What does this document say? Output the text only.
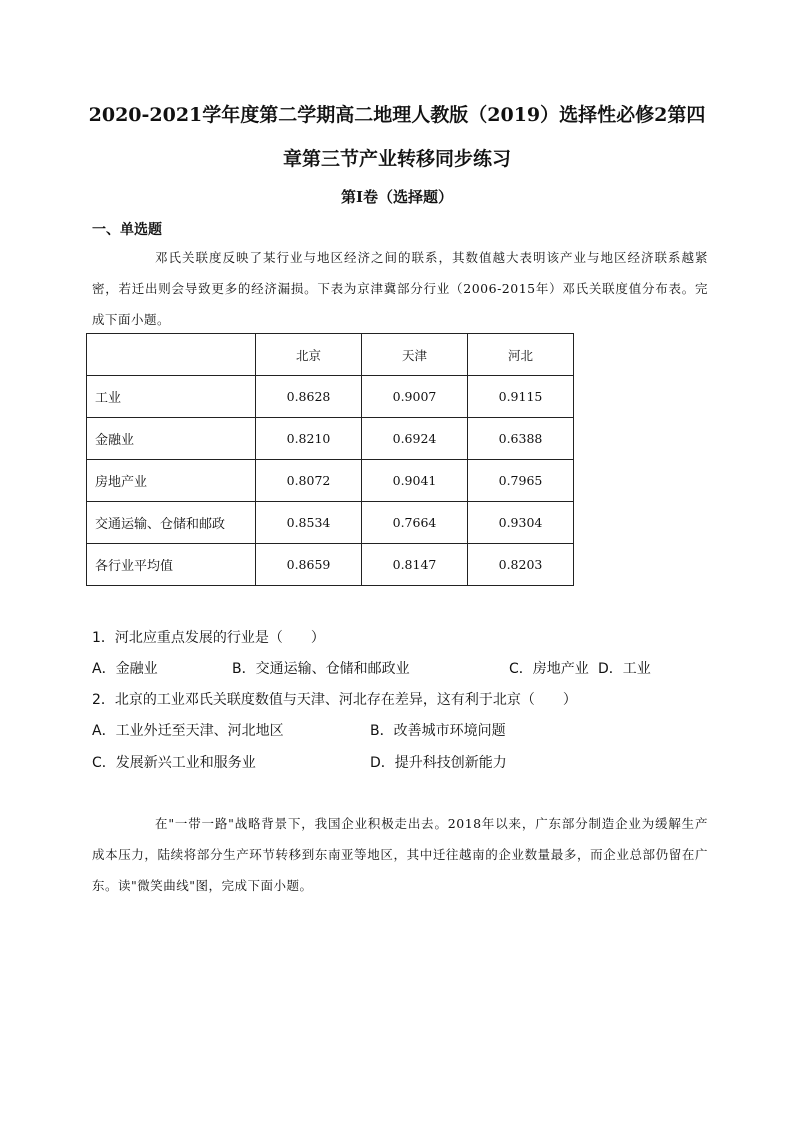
2020-2021学年度第二学期高二地理人教版（2019）选择性必修2第四
章第三节产业转移同步练习
第I卷（选择题）
一、单选题
邓氏关联度反映了某行业与地区经济之间的联系，其数值越大表明该产业与地区经济联系越紧密，若迁出则会导致更多的经济漏损。下表为京津冀部分行业（2006-2015年）邓氏关联度值分布表。完成下面小题。
	北京	天津	河北
工业	0.8628	0.9007	0.9115
金融业	0.8210	0.6924	0.6388
房地产业	0.8072	0.9041	0.7965
交通运输、仓储和邮政	0.8534	0.7664	0.9304
各行业平均值	0.8659	0.8147	0.8203
1．河北应重点发展的行业是（　　）
A．金融业	B．交通运输、仓储和邮政业	C．房地产业 D．工业
2．北京的工业邓氏关联度数值与天津、河北存在差异，这有利于北京（　　）
A．工业外迁至天津、河北地区	B．改善城市环境问题
C．发展新兴工业和服务业	D．提升科技创新能力
在"一带一路"战略背景下，我国企业积极走出去。2018年以来，广东部分制造企业为缓解生产成本压力，陆续将部分生产环节转移到东南亚等地区，其中迁往越南的企业数量最多，而企业总部仍留在广东。读"微笑曲线"图，完成下面小题。
